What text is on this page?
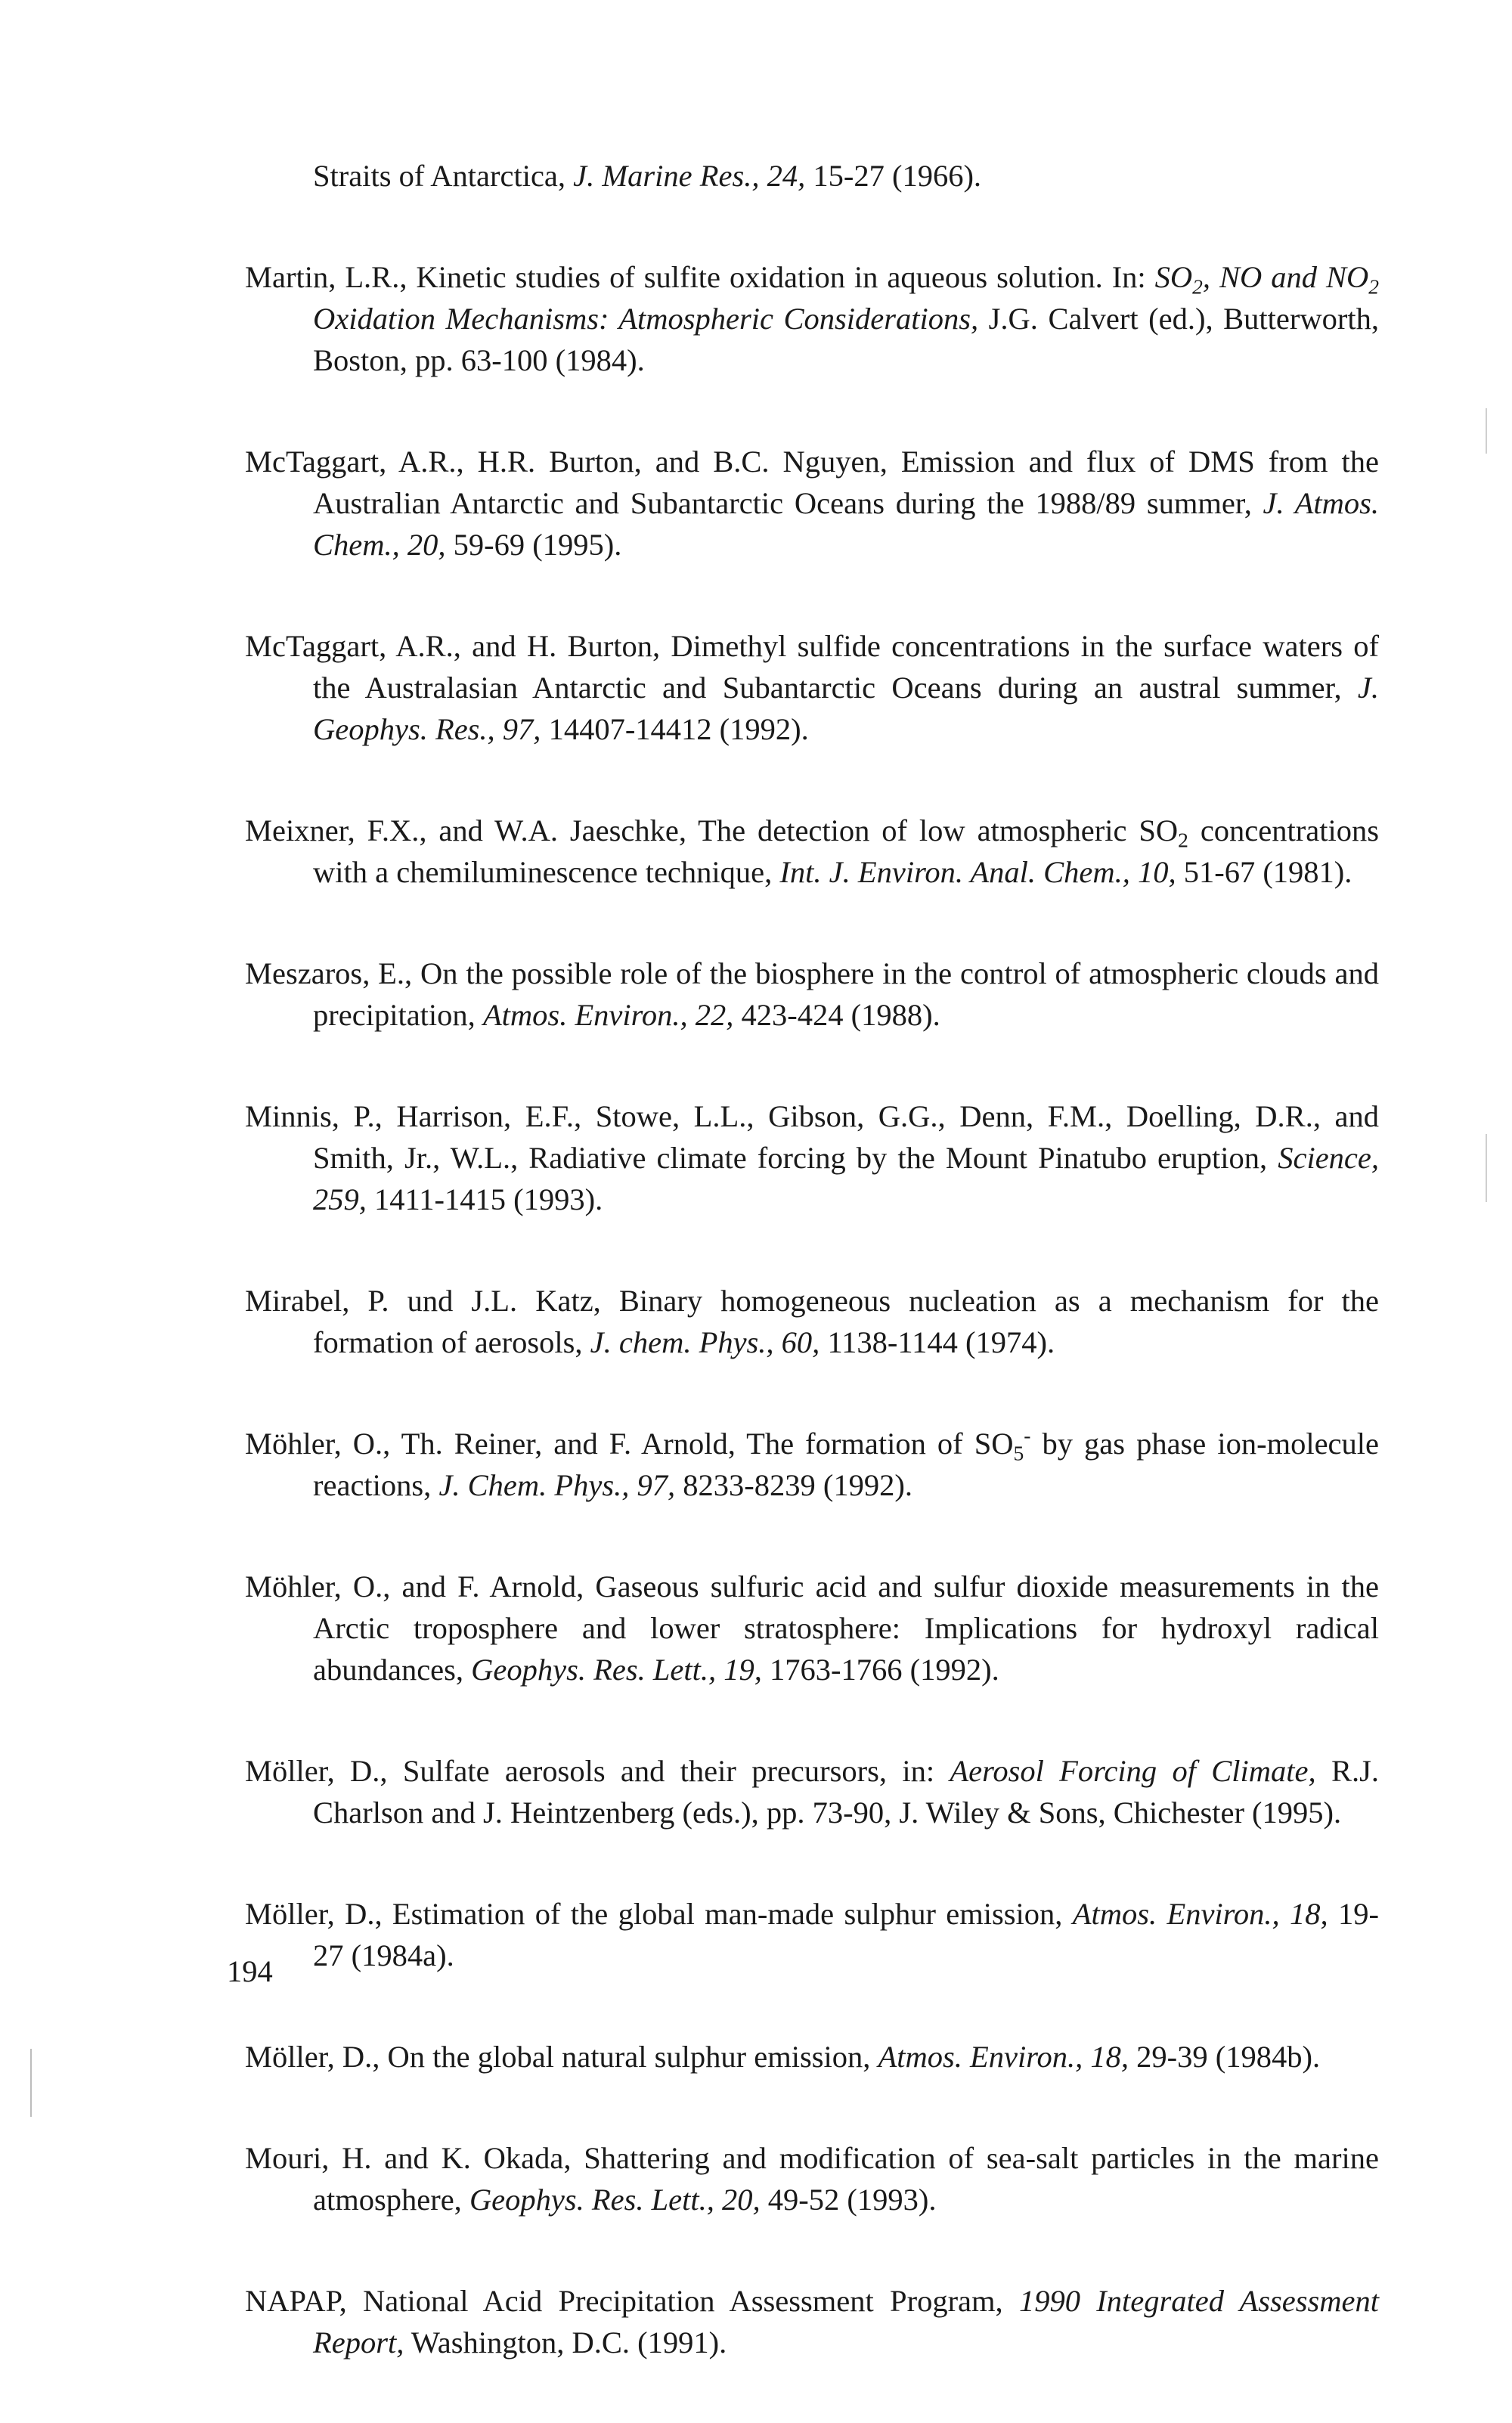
Straits of Antarctica, J. Marine Res., 24, 15-27 (1966).

Martin, L.R., Kinetic studies of sulfite oxidation in aqueous solution. In: $SO_2$, NO and $NO_2$ Oxidation Mechanisms: Atmospheric Considerations, J.G. Calvert (ed.), Butterworth, Boston, pp. 63-100 (1984).

McTaggart, A.R., H.R. Burton, and B.C. Nguyen, Emission and flux of DMS from the Australian Antarctic and Subantarctic Oceans during the 1988/89 summer, J. Atmos. Chem., 20, 59-69 (1995).

McTaggart, A.R., and H. Burton, Dimethyl sulfide concentrations in the surface waters of the Australasian Antarctic and Subantarctic Oceans during an austral summer, J. Geophys. Res., 97, 14407-14412 (1992).

Meixner, F.X., and W.A. Jaeschke, The detection of low atmospheric $SO_2$ concentrations with a chemiluminescence technique, Int. J. Environ. Anal. Chem., 10, 51-67 (1981).

Meszaros, E., On the possible role of the biosphere in the control of atmospheric clouds and precipitation, Atmos. Environ., 22, 423-424 (1988).

Minnis, P., Harrison, E.F., Stowe, L.L., Gibson, G.G., Denn, F.M., Doelling, D.R., and Smith, Jr., W.L., Radiative climate forcing by the Mount Pinatubo eruption, Science, 259, 1411-1415 (1993).

Mirabel, P. und J.L. Katz, Binary homogeneous nucleation as a mechanism for the formation of aerosols, J. chem. Phys., 60, 1138-1144 (1974).

Möhler, O., Th. Reiner, and F. Arnold, The formation of $SO_5^-$ by gas phase ion-molecule reactions, J. Chem. Phys., 97, 8233-8239 (1992).

Möhler, O., and F. Arnold, Gaseous sulfuric acid and sulfur dioxide measurements in the Arctic troposphere and lower stratosphere: Implications for hydroxyl radical abundances, Geophys. Res. Lett., 19, 1763-1766 (1992).

Möller, D., Sulfate aerosols and their precursors, in: Aerosol Forcing of Climate, R.J. Charlson and J. Heintzenberg (eds.), pp. 73-90, J. Wiley & Sons, Chichester (1995).

Möller, D., Estimation of the global man-made sulphur emission, Atmos. Environ., 18, 19-27 (1984a).

Möller, D., On the global natural sulphur emission, Atmos. Environ., 18, 29-39 (1984b).

Mouri, H. and K. Okada, Shattering and modification of sea-salt particles in the marine atmosphere, Geophys. Res. Lett., 20, 49-52 (1993).

NAPAP, National Acid Precipitation Assessment Program, 1990 Integrated Assessment Report, Washington, D.C. (1991).

194
